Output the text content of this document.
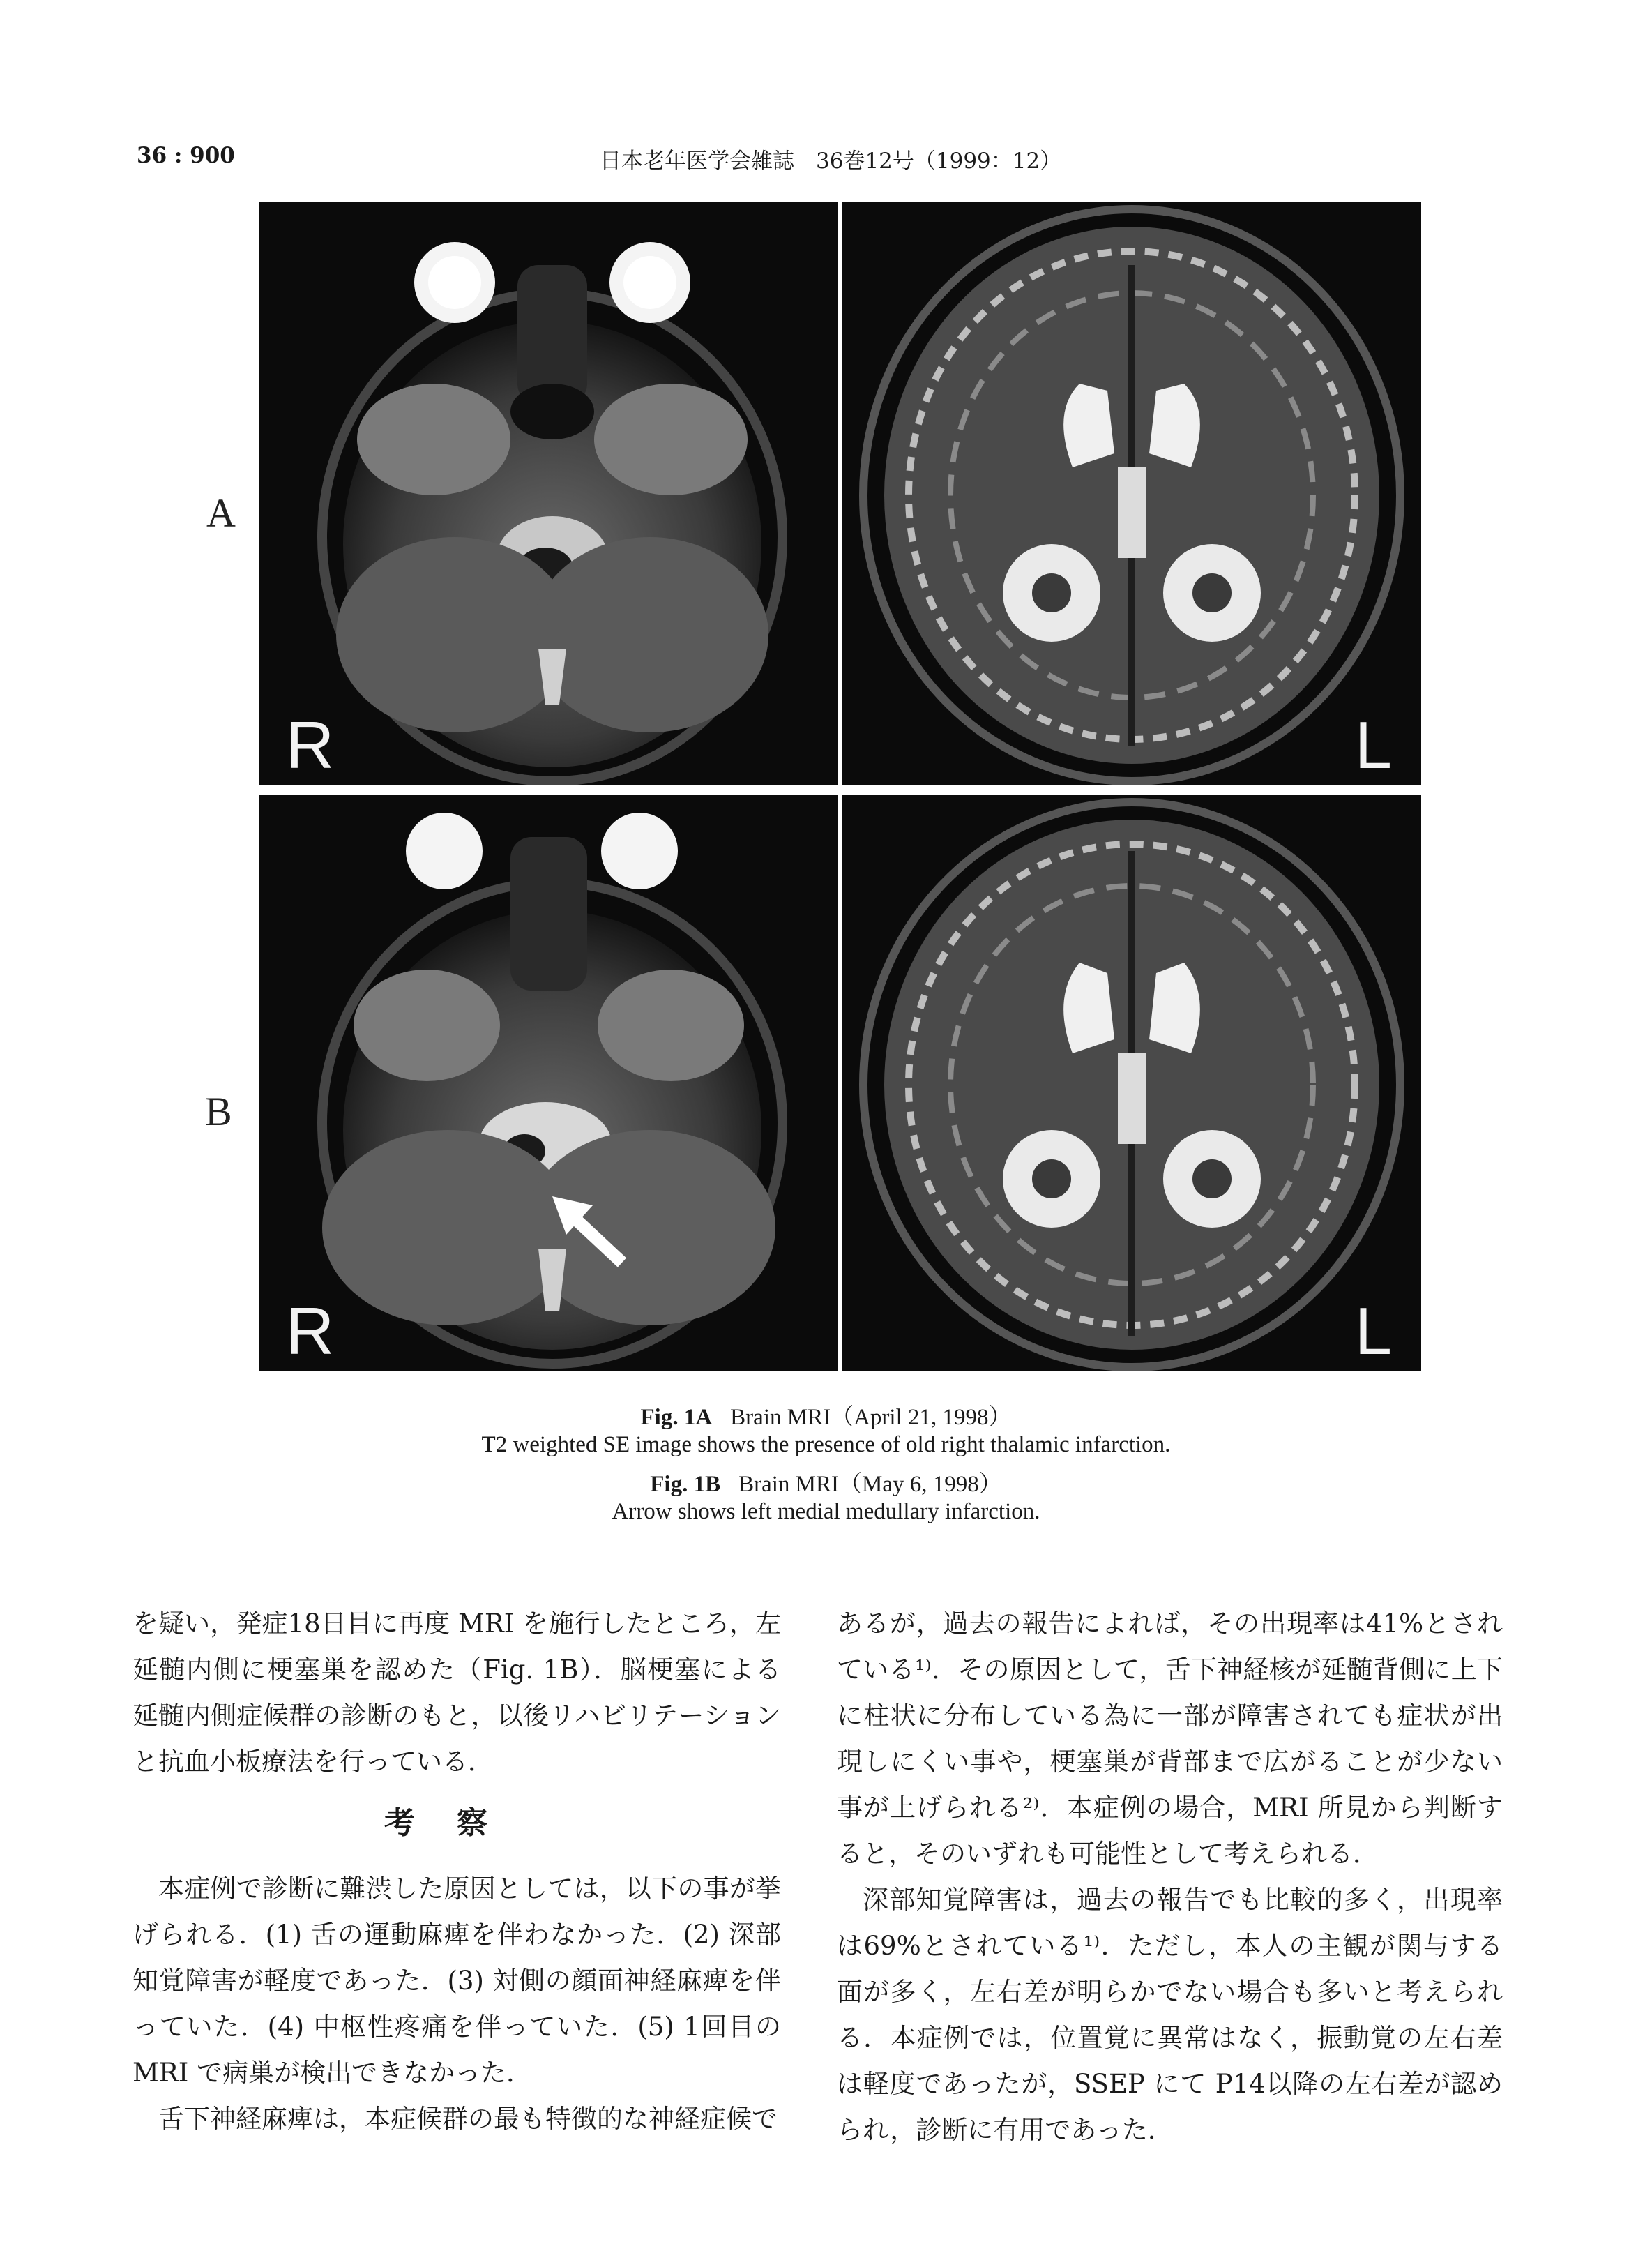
36 : 900	日本老年医学会雑誌　36巻12号（1999：12）
A
B
R	L
R	L
Fig. 1A Brain MRI（April 21, 1998）
T2 weighted SE image shows the presence of old right thalamic infarction.
Fig. 1B Brain MRI（May 6, 1998）
Arrow shows left medial medullary infarction.

を疑い，発症18日目に再度 MRI を施行したところ，左延髄内側に梗塞巣を認めた（Fig. 1B）．脳梗塞による延髄内側症候群の診断のもと，以後リハビリテーションと抗血小板療法を行っている．

考察

本症例で診断に難渋した原因としては，以下の事が挙げられる．(1) 舌の運動麻痺を伴わなかった．(2) 深部知覚障害が軽度であった．(3) 対側の顔面神経麻痺を伴っていた．(4) 中枢性疼痛を伴っていた．(5) 1回目の MRI で病巣が検出できなかった．

舌下神経麻痺は，本症候群の最も特徴的な神経症候で

あるが，過去の報告によれば，その出現率は41%とされている¹⁾．その原因として，舌下神経核が延髄背側に上下に柱状に分布している為に一部が障害されても症状が出現しにくい事や，梗塞巣が背部まで広がることが少ない事が上げられる²⁾．本症例の場合，MRI 所見から判断すると，そのいずれも可能性として考えられる．

深部知覚障害は，過去の報告でも比較的多く，出現率は69%とされている¹⁾．ただし，本人の主観が関与する面が多く，左右差が明らかでない場合も多いと考えられる．本症例では，位置覚に異常はなく，振動覚の左右差は軽度であったが，SSEP にて P14以降の左右差が認められ，診断に有用であった．
